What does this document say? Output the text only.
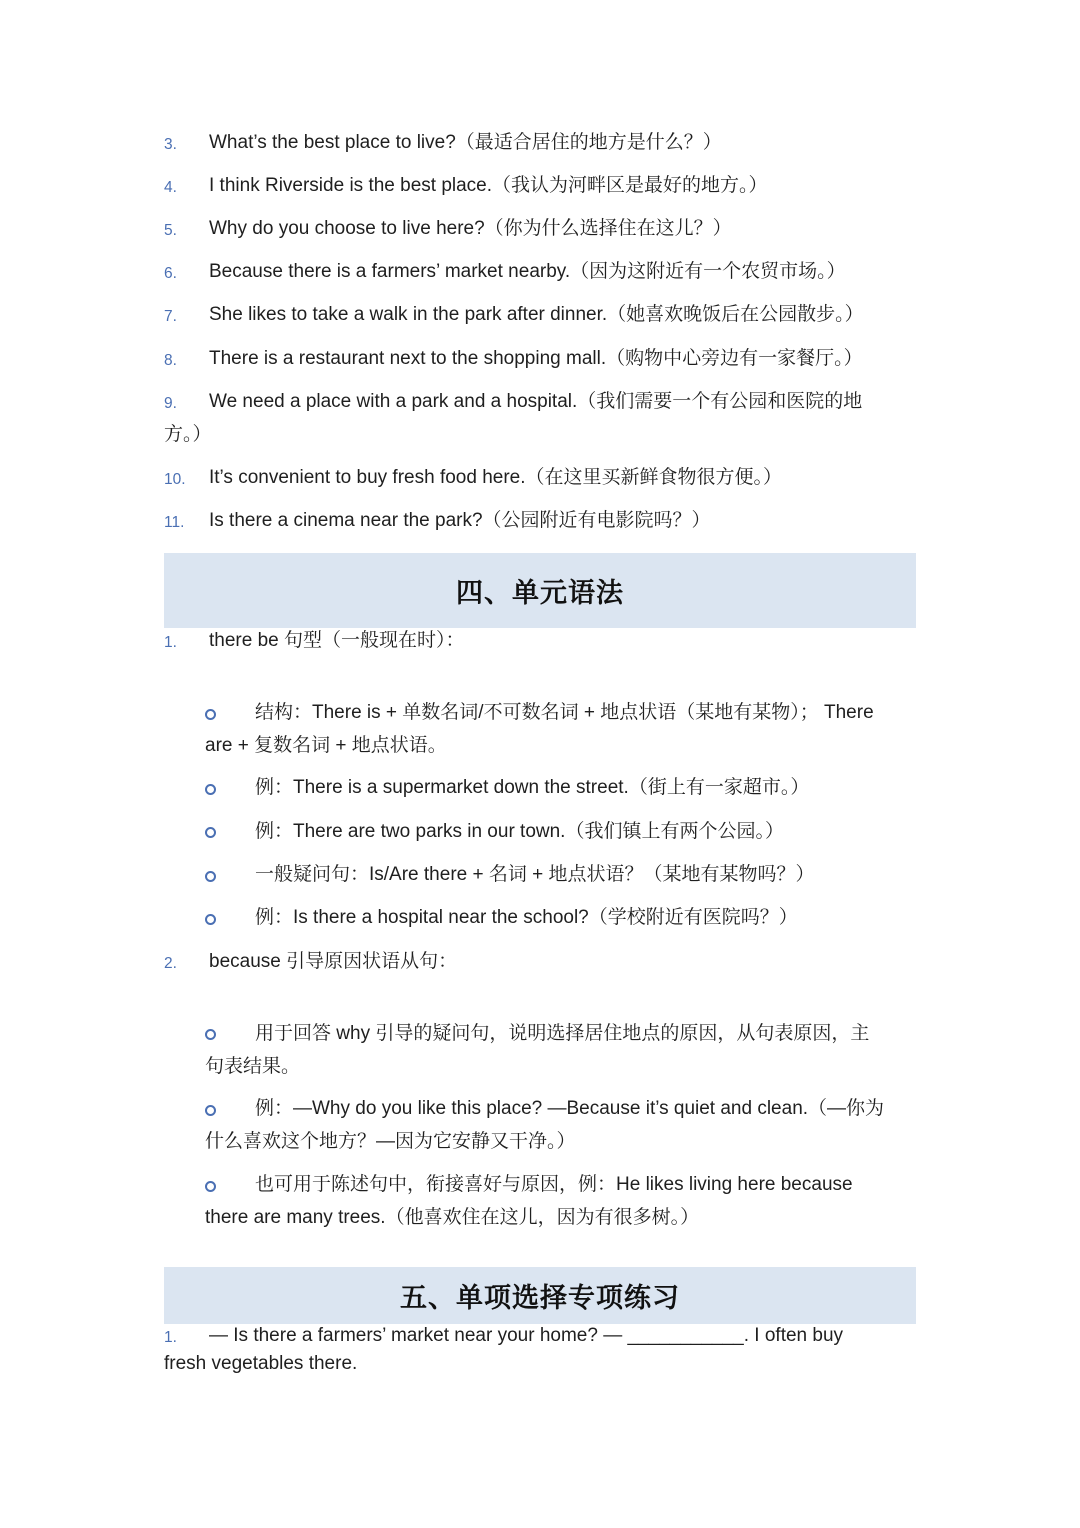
3. What’s the best place to live?（最适合居住的地方是什么？）
4. I think Riverside is the best place.（我认为河畔区是最好的地方。）
5. Why do you choose to live here?（你为什么选择住在这儿？）
6. Because there is a farmers’ market nearby.（因为这附近有一个农贸市场。）
7. She likes to take a walk in the park after dinner.（她喜欢晚饭后在公园散步。）
8. There is a restaurant next to the shopping mall.（购物中心旁边有一家餐厅。）
9. We need a place with a park and a hospital.（我们需要一个有公园和医院的地
方。）
10. It’s convenient to buy fresh food here.（在这里买新鲜食物很方便。）
11. Is there a cinema near the park?（公园附近有电影院吗？）
四、单元语法
1. there be 句型（一般现在时）：
结构：There is + 单数名词/不可数名词 + 地点状语（某地有某物）； There
are + 复数名词 + 地点状语。
例：There is a supermarket down the street.（街上有一家超市。）
例：There are two parks in our town.（我们镇上有两个公园。）
一般疑问句：Is/Are there + 名词 + 地点状语？（某地有某物吗？）
例：Is there a hospital near the school?（学校附近有医院吗？）
2. because 引导原因状语从句：
用于回答 why 引导的疑问句，说明选择居住地点的原因，从句表原因，主
句表结果。
例：—Why do you like this place? —Because it’s quiet and clean.（—你为
什么喜欢这个地方？—因为它安静又干净。）
也可用于陈述句中，衔接喜好与原因，例：He likes living here because
there are many trees.（他喜欢住在这儿，因为有很多树。）
五、单项选择专项练习
1. — Is there a farmers’ market near your home? — ___________. I often buy
fresh vegetables there.
